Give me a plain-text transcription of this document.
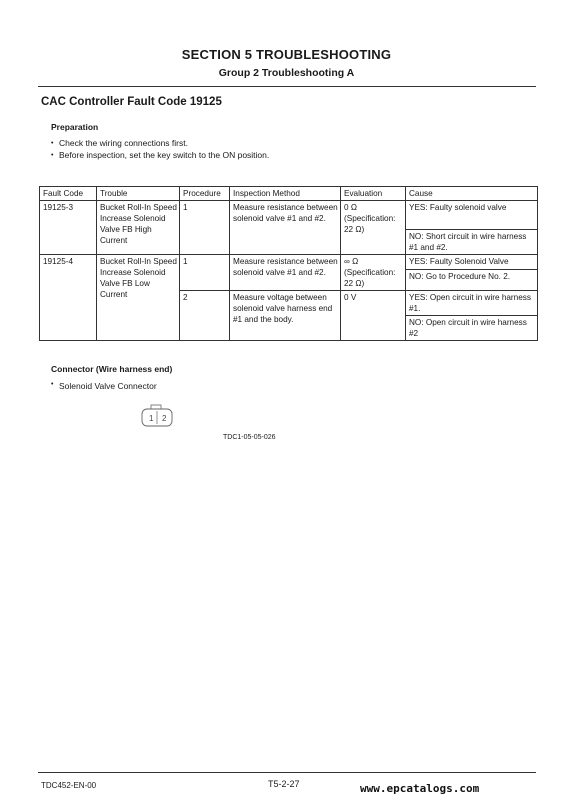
SECTION 5 TROUBLESHOOTING
Group 2 Troubleshooting A
CAC Controller Fault Code 19125
Preparation
• Check the wiring connections first.
• Before inspection, set the key switch to the ON position.
Fault Code	Trouble	Procedure	Inspection Method	Evaluation	Cause
19125-3	Bucket Roll-In Speed Increase Solenoid Valve FB High Current	1	Measure resistance between solenoid valve #1 and #2.	0 Ω (Specification: 22 Ω)	YES: Faulty solenoid valve
					NO: Short circuit in wire harness #1 and #2.
19125-4	Bucket Roll-In Speed Increase Solenoid Valve FB Low Current	1	Measure resistance between solenoid valve #1 and #2.	∞ Ω (Specification: 22 Ω)	YES: Faulty Solenoid Valve
					NO: Go to Procedure No. 2.
		2	Measure voltage between solenoid valve harness end #1 and the body.	0 V	YES: Open circuit in wire harness #1.
					NO: Open circuit in wire harness #2
Connector (Wire harness end)
• Solenoid Valve Connector
1 2
TDC1-05-05-026
TDC452-EN-00	T5-2-27	www.epcatalogs.com
